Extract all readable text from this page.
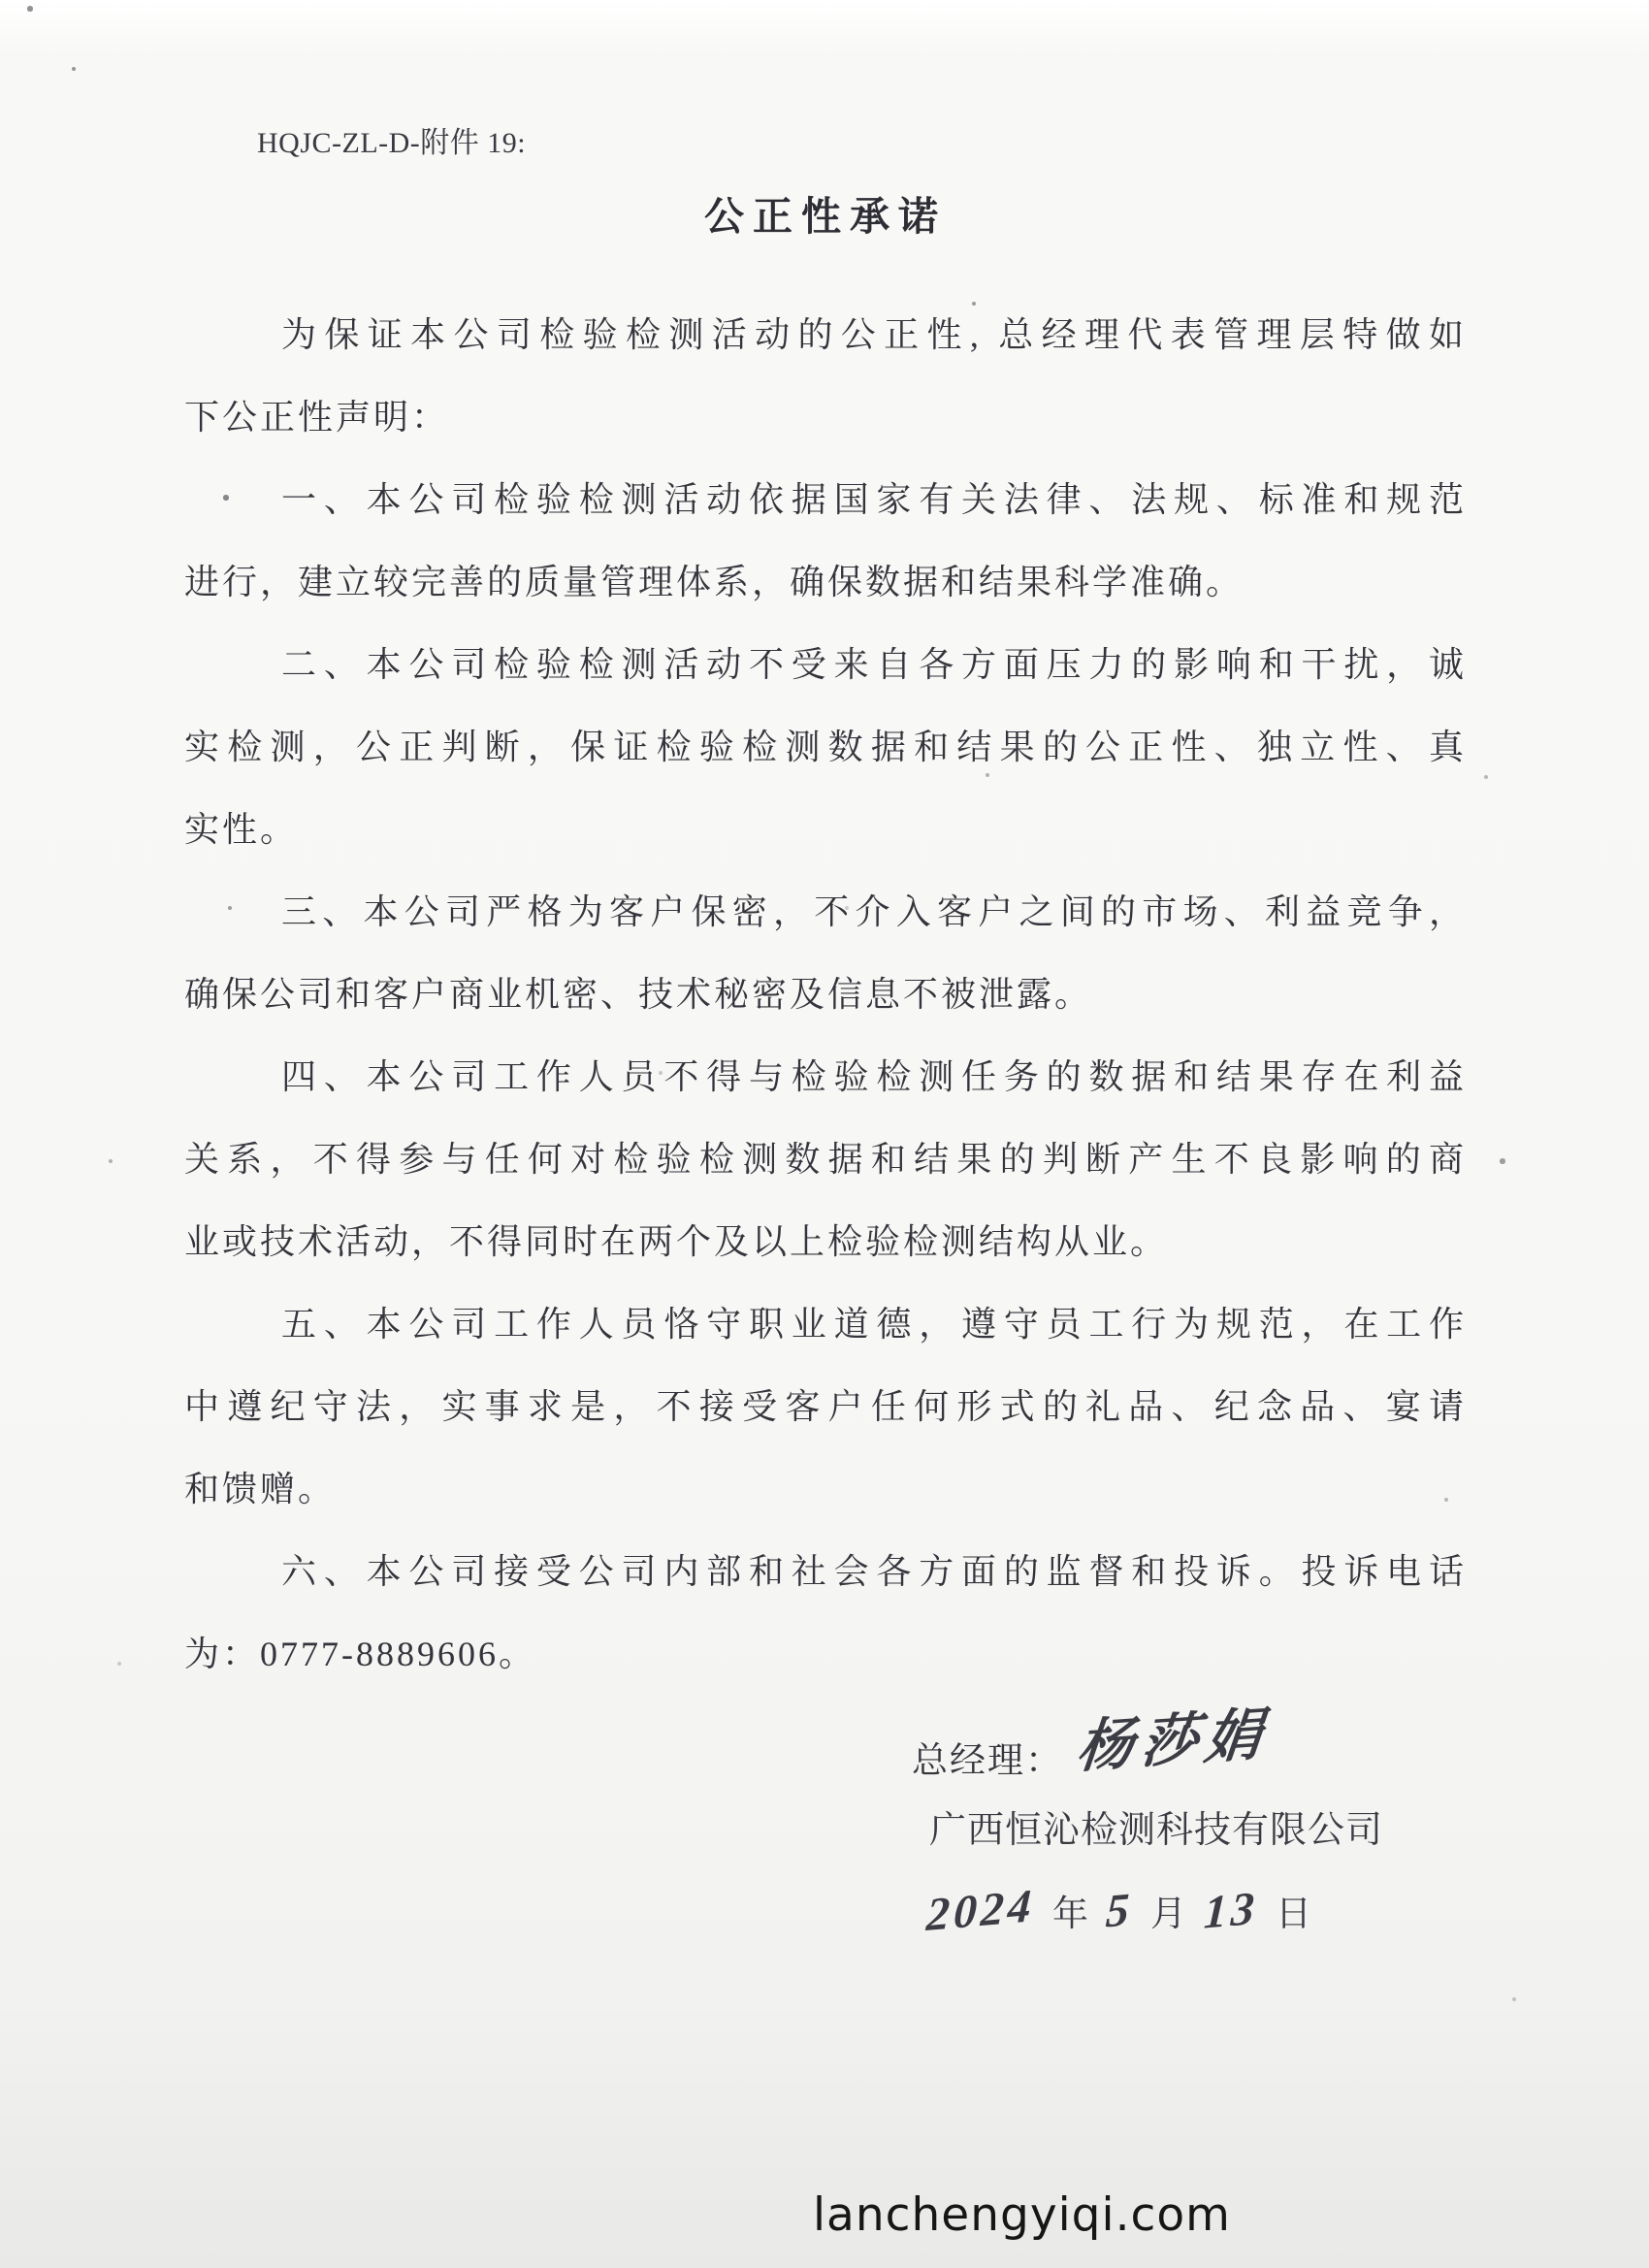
HQJC-ZL-D-附件 19:
公正性承诺
为保证本公司检验检测活动的公正性, 总经理代表管理层特做如
下公正性声明：
一、本公司检验检测活动依据国家有关法律、法规、标准和规范
进行，建立较完善的质量管理体系，确保数据和结果科学准确。
二、本公司检验检测活动不受来自各方面压力的影响和干扰，诚
实检测，公正判断，保证检验检测数据和结果的公正性、独立性、真
实性。
三、本公司严格为客户保密，不介入客户之间的市场、利益竞争，
确保公司和客户商业机密、技术秘密及信息不被泄露。
四、本公司工作人员不得与检验检测任务的数据和结果存在利益
关系，不得参与任何对检验检测数据和结果的判断产生不良影响的商
业或技术活动，不得同时在两个及以上检验检测结构从业。
五、本公司工作人员恪守职业道德，遵守员工行为规范，在工作
中遵纪守法，实事求是，不接受客户任何形式的礼品、纪念品、宴请
和馈赠。
六、本公司接受公司内部和社会各方面的监督和投诉。投诉电话
为：0777-8889606。
总经理： 杨莎娟
广西恒沁检测科技有限公司
2024 年 5 月 13 日
lanchengyiqi.com
